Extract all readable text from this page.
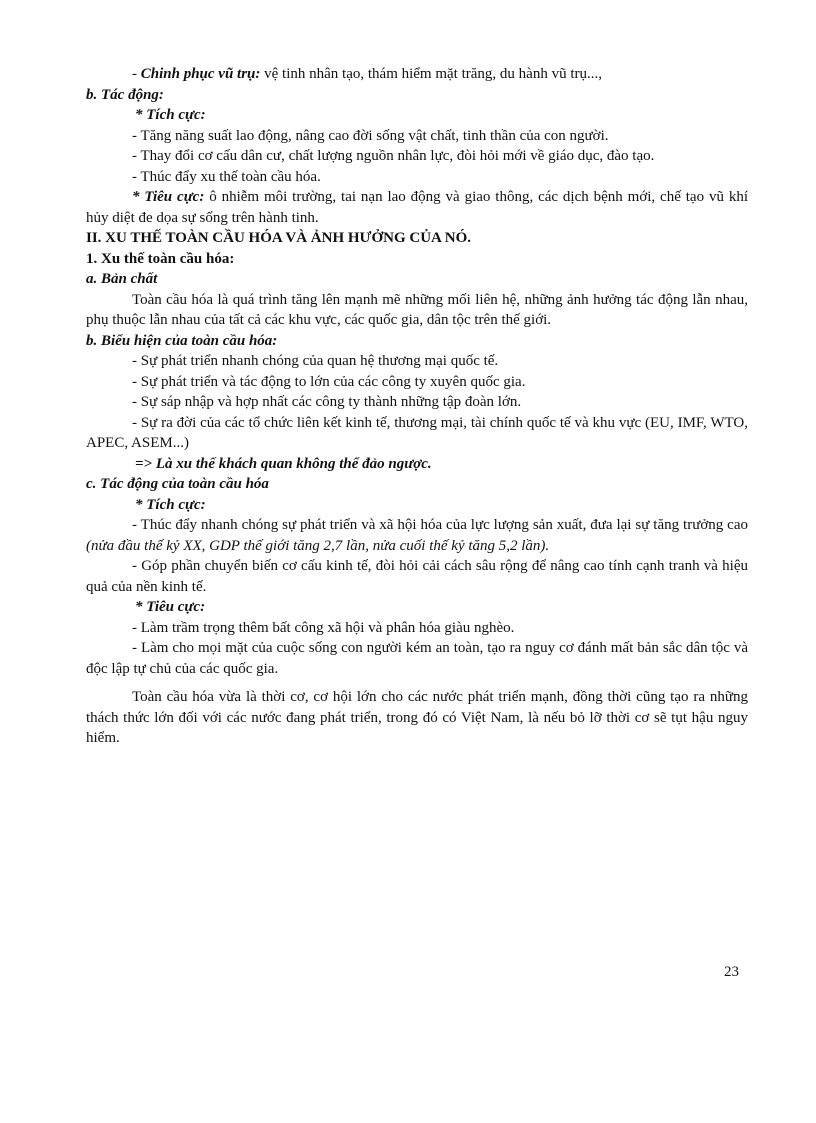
- Chinh phục vũ trụ: vệ tinh nhân tạo, thám hiểm mặt trăng, du hành vũ trụ...,

b. Tác động:

* Tích cực:

- Tăng năng suất lao động, nâng cao đời sống vật chất, tinh thần của con người.

- Thay đổi cơ cấu dân cư, chất lượng nguồn nhân lực, đòi hỏi mới về giáo dục, đào tạo.

- Thúc đẩy xu thế toàn cầu hóa.

* Tiêu cực: ô nhiễm môi trường, tai nạn lao động và giao thông, các dịch bệnh mới, chế tạo vũ khí hủy diệt đe dọa sự sống trên hành tinh.

II. XU THẾ TOÀN CẦU HÓA VÀ ẢNH HƯỞNG CỦA NÓ.

1. Xu thế toàn cầu hóa:

a. Bản chất

Toàn cầu hóa là quá trình tăng lên mạnh mẽ những mối liên hệ, những ảnh hưởng tác động lẫn nhau, phụ thuộc lẫn nhau của tất cả các khu vực, các quốc gia, dân tộc trên thế giới.

b. Biểu hiện của toàn cầu hóa:

- Sự phát triển nhanh chóng của quan hệ thương mại quốc tế.

- Sự phát triển và tác động to lớn của các công ty xuyên quốc gia.

- Sự sáp nhập và hợp nhất các công ty thành những tập đoàn lớn.

- Sự ra đời của các tổ chức liên kết kinh tế, thương mại, tài chính quốc tế và khu vực (EU, IMF, WTO, APEC, ASEM...)

=> Là xu thế khách quan không thể đảo ngược.

c. Tác động của toàn cầu hóa

* Tích cực:

- Thúc đẩy nhanh chóng sự phát triển và xã hội hóa của lực lượng sản xuất, đưa lại sự tăng trưởng cao (nửa đầu thế kỷ XX, GDP thế giới tăng 2,7 lần, nửa cuối thế kỷ tăng 5,2 lần).

- Góp phần chuyển biến cơ cấu kinh tế, đòi hỏi cải cách sâu rộng để nâng cao tính cạnh tranh và hiệu quả của nền kinh tế.

* Tiêu cực:

- Làm trầm trọng thêm bất công xã hội và phân hóa giàu nghèo.

- Làm cho mọi mặt của cuộc sống con người kém an toàn, tạo ra nguy cơ đánh mất bản sắc dân tộc và độc lập tự chủ của các quốc gia.

Toàn cầu hóa vừa là thời cơ, cơ hội lớn cho các nước phát triển mạnh, đồng thời cũng tạo ra những thách thức lớn đối với các nước đang phát triển, trong đó có Việt Nam, là nếu bỏ lỡ thời cơ sẽ tụt hậu nguy hiểm.

23
